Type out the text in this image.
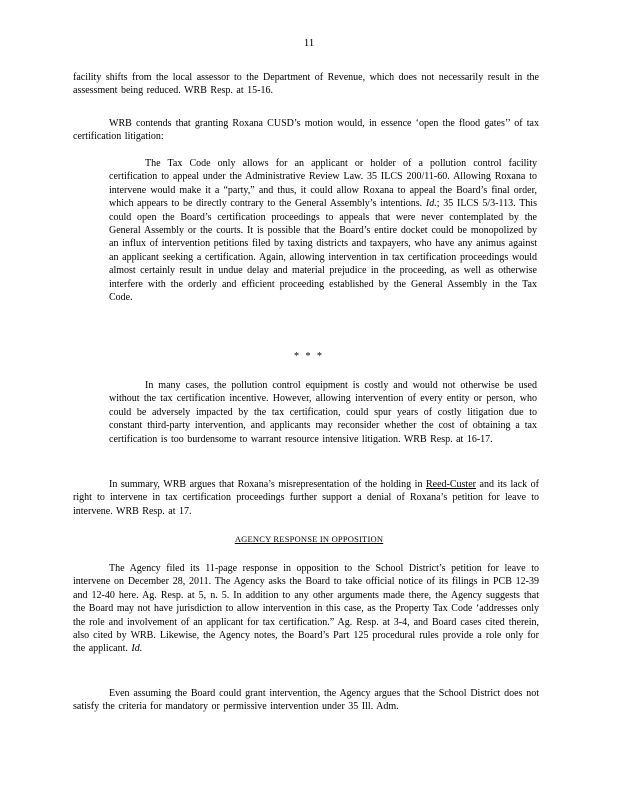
11
facility shifts from the local assessor to the Department of Revenue, which does not necessarily result in the assessment being reduced. WRB Resp. at 15-16.
WRB contends that granting Roxana CUSD’s motion would, in essence ‘open the flood gates’’ of tax certification litigation:
The Tax Code only allows for an applicant or holder of a pollution control facility certification to appeal under the Administrative Review Law. 35 ILCS 200/11-60. Allowing Roxana to intervene would make it a “party,” and thus, it could allow Roxana to appeal the Board’s final order, which appears to be directly contrary to the General Assembly’s intentions. Id.; 35 ILCS 5/3-113. This could open the Board’s certification proceedings to appeals that were never contemplated by the General Assembly or the courts. It is possible that the Board’s entire docket could be monopolized by an influx of intervention petitions filed by taxing districts and taxpayers, who have any animus against an applicant seeking a certification. Again, allowing intervention in tax certification proceedings would almost certainly result in undue delay and material prejudice in the proceeding, as well as otherwise interfere with the orderly and efficient proceeding established by the General Assembly in the Tax Code.
* * *
In many cases, the pollution control equipment is costly and would not otherwise be used without the tax certification incentive. However, allowing intervention of every entity or person, who could be adversely impacted by the tax certification, could spur years of costly litigation due to constant third-party intervention, and applicants may reconsider whether the cost of obtaining a tax certification is too burdensome to warrant resource intensive litigation. WRB Resp. at 16-17.
In summary, WRB argues that Roxana’s misrepresentation of the holding in Reed-Custer and its lack of right to intervene in tax certification proceedings further support a denial of Roxana’s petition for leave to intervene. WRB Resp. at 17.
AGENCY RESPONSE IN OPPOSITION
The Agency filed its 11-page response in opposition to the School District’s petition for leave to intervene on December 28, 2011. The Agency asks the Board to take official notice of its filings in PCB 12-39 and 12-40 here. Ag. Resp. at 5, n. 5. In addition to any other arguments made there, the Agency suggests that the Board may not have jurisdiction to allow intervention in this case, as the Property Tax Code ‘addresses only the role and involvement of an applicant for tax certification.” Ag. Resp. at 3-4, and Board cases cited therein, also cited by WRB. Likewise, the Agency notes, the Board’s Part 125 procedural rules provide a role only for the applicant. Id.
Even assuming the Board could grant intervention, the Agency argues that the School District does not satisfy the criteria for mandatory or permissive intervention under 35 Ill. Adm.
